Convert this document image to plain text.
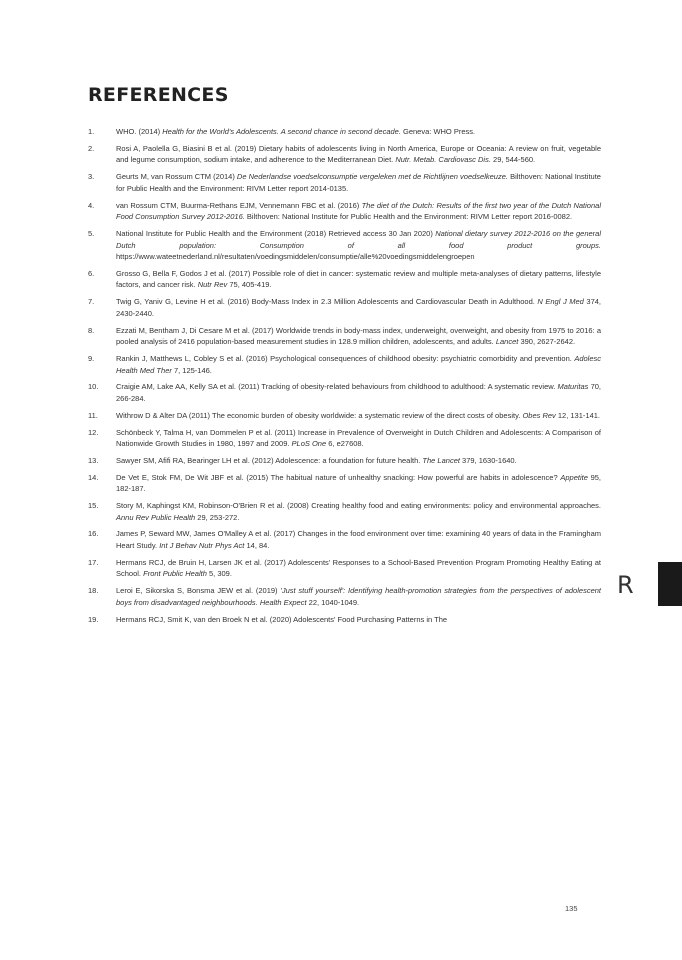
REFERENCES
1.	WHO. (2014) Health for the World's Adolescents. A second chance in second decade. Geneva: WHO Press.
2.	Rosi A, Paolella G, Biasini B et al. (2019) Dietary habits of adolescents living in North America, Europe or Oceania: A review on fruit, vegetable and legume consumption, sodium intake, and adherence to the Mediterranean Diet. Nutr. Metab. Cardiovasc Dis. 29, 544-560.
3.	Geurts M, van Rossum CTM (2014) De Nederlandse voedselconsumptie vergeleken met de Richtlijnen voedselkeuze. Bilthoven: National Institute for Public Health and the Environment: RIVM Letter report 2014-0135.
4.	van Rossum CTM, Buurma-Rethans EJM, Vennemann FBC et al. (2016) The diet of the Dutch: Results of the first two year of the Dutch National Food Consumption Survey 2012-2016. Bilthoven: National Institute for Public Health and the Environment: RIVM Letter report 2016-0082.
5.	National Institute for Public Health and the Environment (2018) Retrieved access 30 Jan 2020) National dietary survey 2012-2016 on the general Dutch population: Consumption of all food product groups. https://www.wateetnederland.nl/resultaten/voedingsmiddelen/consumptie/alle%20voedingsmiddelengroepen
6.	Grosso G, Bella F, Godos J et al. (2017) Possible role of diet in cancer: systematic review and multiple meta-analyses of dietary patterns, lifestyle factors, and cancer risk. Nutr Rev 75, 405-419.
7.	Twig G, Yaniv G, Levine H et al. (2016) Body-Mass Index in 2.3 Million Adolescents and Cardiovascular Death in Adulthood. N Engl J Med 374, 2430-2440.
8.	Ezzati M, Bentham J, Di Cesare M et al. (2017) Worldwide trends in body-mass index, underweight, overweight, and obesity from 1975 to 2016: a pooled analysis of 2416 population-based measurement studies in 128.9 million children, adolescents, and adults. Lancet 390, 2627-2642.
9.	Rankin J, Matthews L, Cobley S et al. (2016) Psychological consequences of childhood obesity: psychiatric comorbidity and prevention. Adolesc Health Med Ther 7, 125-146.
10. Craigie AM, Lake AA, Kelly SA et al. (2011) Tracking of obesity-related behaviours from childhood to adulthood: A systematic review. Maturitas 70, 266-284.
11. Withrow D & Alter DA (2011) The economic burden of obesity worldwide: a systematic review of the direct costs of obesity. Obes Rev 12, 131-141.
12. Schönbeck Y, Talma H, van Dommelen P et al. (2011) Increase in Prevalence of Overweight in Dutch Children and Adolescents: A Comparison of Nationwide Growth Studies in 1980, 1997 and 2009. PLoS One 6, e27608.
13. Sawyer SM, Afifi RA, Bearinger LH et al. (2012) Adolescence: a foundation for future health. The Lancet 379, 1630-1640.
14. De Vet E, Stok FM, De Wit JBF et al. (2015) The habitual nature of unhealthy snacking: How powerful are habits in adolescence? Appetite 95, 182-187.
15. Story M, Kaphingst KM, Robinson-O'Brien R et al. (2008) Creating healthy food and eating environments: policy and environmental approaches. Annu Rev Public Health 29, 253-272.
16. James P, Seward MW, James O'Malley A et al. (2017) Changes in the food environment over time: examining 40 years of data in the Framingham Heart Study. Int J Behav Nutr Phys Act 14, 84.
17. Hermans RCJ, de Bruin H, Larsen JK et al. (2017) Adolescents' Responses to a School-Based Prevention Program Promoting Healthy Eating at School. Front Public Health 5, 309.
18. Leroi E, Sikorska S, Bonsma JEW et al. (2019) 'Just stuff yourself': Identifying health-promotion strategies from the perspectives of adolescent boys from disadvantaged neighbourhoods. Health Expect 22, 1040-1049.
19. Hermans RCJ, Smit K, van den Broek N et al. (2020) Adolescents' Food Purchasing Patterns in The
R
135
